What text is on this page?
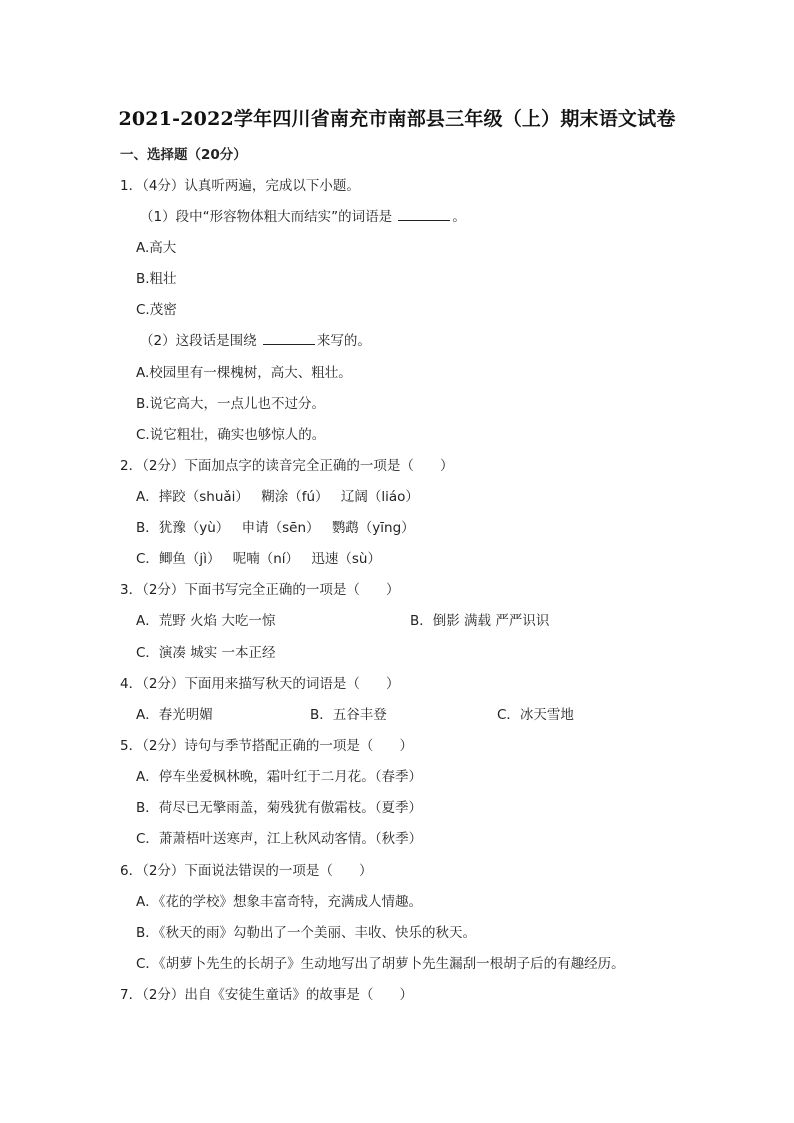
2021-2022学年四川省南充市南部县三年级（上）期末语文试卷
一、选择题（20分）
1．（4分）认真听两遍，完成以下小题。
（1）段中“形容物体粗大而结实”的词语是	。
A.高大
B.粗壮
C.茂密
（2）这段话是围绕	来写的。
A.校园里有一棵槐树，高大、粗壮。
B.说它高大，一点儿也不过分。
C.说它粗壮，确实也够惊人的。
2．（2分）下面加点字的读音完全正确的一项是（ ）
A．摔跤（shuǎi） 糊涂（fú） 辽阔（liáo）
B．犹豫（yù） 申请（sēn） 鹦鹉（yīng）
C．鲫鱼（jì） 呢喃（ní） 迅速（sù）
3．（2分）下面书写完全正确的一项是（ ）
A．荒野 火焰 大吃一惊	B．倒影 满载 严严识识
C．演凑 城实 一本正经
4．（2分）下面用来描写秋天的词语是（ ）
A．春光明媚	B．五谷丰登	C．冰天雪地
5．（2分）诗句与季节搭配正确的一项是（ ）
A．停车坐爱枫林晚，霜叶红于二月花。（春季）
B．荷尽已无擎雨盖，菊残犹有傲霜枝。（夏季）
C．萧萧梧叶送寒声，江上秋风动客情。（秋季）
6．（2分）下面说法错误的一项是（ ）
A．《花的学校》想象丰富奇特，充满成人情趣。
B．《秋天的雨》勾勒出了一个美丽、丰收、快乐的秋天。
C．《胡萝卜先生的长胡子》生动地写出了胡萝卜先生漏刮一根胡子后的有趣经历。
7．（2分）出自《安徒生童话》的故事是（ ）
